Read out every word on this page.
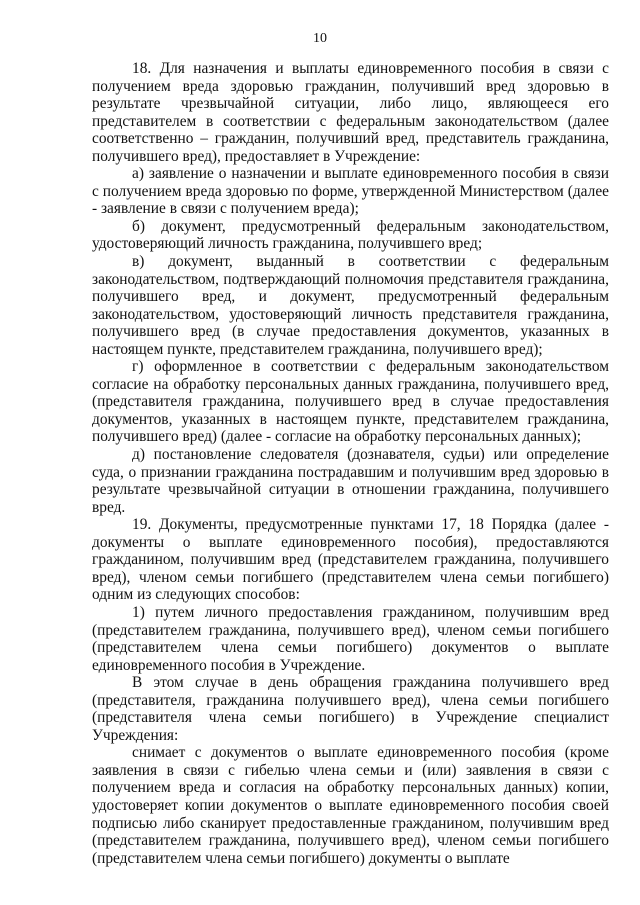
10

18. Для назначения и выплаты единовременного пособия в связи с получением вреда здоровью гражданин, получивший вред здоровью в результате чрезвычайной ситуации, либо лицо, являющееся его представителем в соответствии с федеральным законодательством (далее соответственно – гражданин, получивший вред, представитель гражданина, получившего вред), предоставляет в Учреждение:

а) заявление о назначении и выплате единовременного пособия в связи с получением вреда здоровью по форме, утвержденной Министерством (далее - заявление в связи с получением вреда);

б) документ, предусмотренный федеральным законодательством, удостоверяющий личность гражданина, получившего вред;

в) документ, выданный в соответствии с федеральным законодательством, подтверждающий полномочия представителя гражданина, получившего вред, и документ, предусмотренный федеральным законодательством, удостоверяющий личность представителя гражданина, получившего вред (в случае предоставления документов, указанных в настоящем пункте, представителем гражданина, получившего вред);

г) оформленное в соответствии с федеральным законодательством согласие на обработку персональных данных гражданина, получившего вред, (представителя гражданина, получившего вред в случае предоставления документов, указанных в настоящем пункте, представителем гражданина, получившего вред) (далее - согласие на обработку персональных данных);

д) постановление следователя (дознавателя, судьи) или определение суда, о признании гражданина пострадавшим и получившим вред здоровью в результате чрезвычайной ситуации в отношении гражданина, получившего вред.

19. Документы, предусмотренные пунктами 17, 18 Порядка (далее - документы о выплате единовременного пособия), предоставляются гражданином, получившим вред (представителем гражданина, получившего вред), членом семьи погибшего (представителем члена семьи погибшего) одним из следующих способов:

1) путем личного предоставления гражданином, получившим вред (представителем гражданина, получившего вред), членом семьи погибшего (представителем члена семьи погибшего) документов о выплате единовременного пособия в Учреждение.

В этом случае в день обращения гражданина получившего вред (представителя, гражданина получившего вред), члена семьи погибшего (представителя члена семьи погибшего) в Учреждение специалист Учреждения:

снимает с документов о выплате единовременного пособия (кроме заявления в связи с гибелью члена семьи и (или) заявления в связи с получением вреда и согласия на обработку персональных данных) копии, удостоверяет копии документов о выплате единовременного пособия своей подписью либо сканирует предоставленные гражданином, получившим вред (представителем гражданина, получившего вред), членом семьи погибшего (представителем члена семьи погибшего) документы о выплате
